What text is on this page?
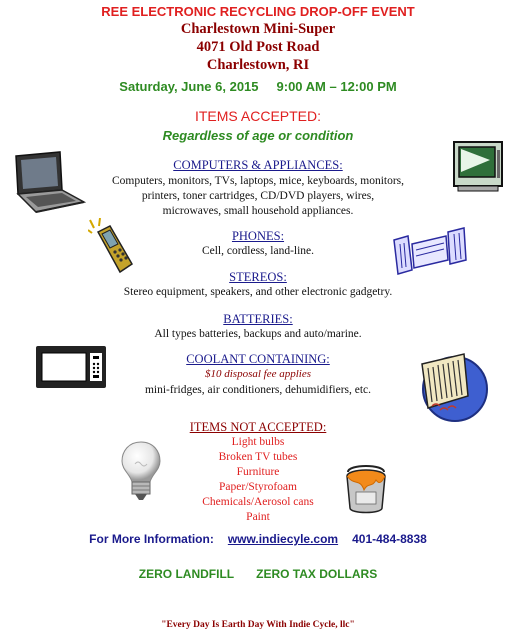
REE ELECTRONIC RECYCLING DROP-OFF EVENT
Charlestown Mini-Super
4071 Old Post Road
Charlestown, RI
Saturday, June 6, 2015 9:00 AM – 12:00 PM
ITEMS ACCEPTED:
Regardless of age or condition
COMPUTERS & APPLIANCES:
Computers, monitors, TVs, laptops, mice, keyboards, monitors,
printers, toner cartridges, CD/DVD players, wires,
microwaves, small household appliances.
PHONES:
Cell, cordless, land-line.
STEREOS:
Stereo equipment, speakers, and other electronic gadgetry.
BATTERIES:
All types batteries, backups and auto/marine.
COOLANT CONTAINING:
$10 disposal fee applies
mini-fridges, air conditioners, dehumidifiers, etc.
ITEMS NOT ACCEPTED:
Light bulbs
Broken TV tubes
Furniture
Paper/Styrofoam
Chemicals/Aerosol cans
Paint
For More Information: www.indiecyle.com 401-484-8838
ZERO LANDFILL ZERO TAX DOLLARS
"Every Day Is Earth Day With Indie Cycle, llc"
